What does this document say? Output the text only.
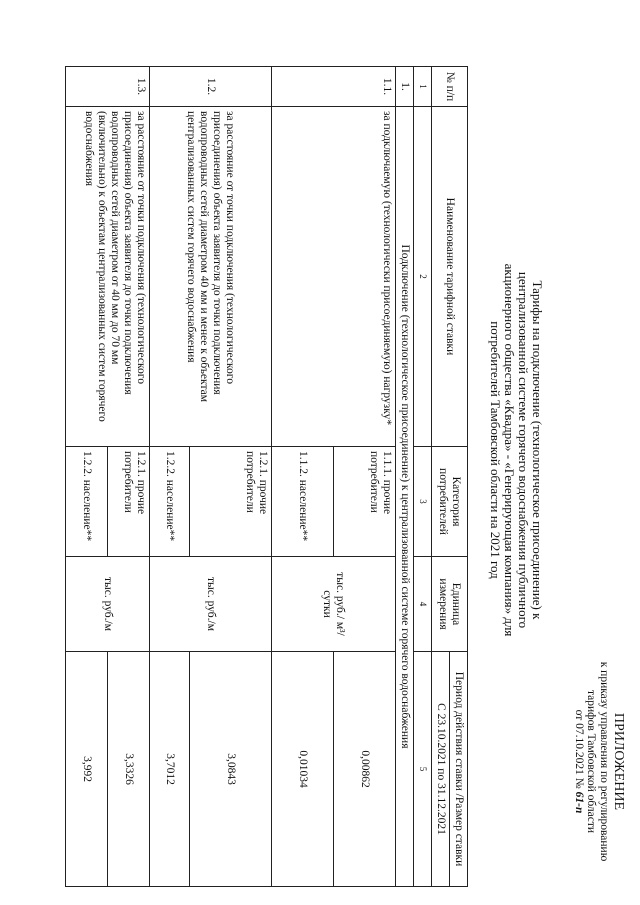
ПРИЛОЖЕНИЕ
к приказу управления по регулированию
тарифов Тамбовской области
от 07.10.2021 № 61-п
Тарифы на подключение (технологическое присоединение) к централизованной системе горячего водоснабжения публичного акционерного общества «Квадра» - «Генерирующая компания» для потребителей Тамбовской области на 2021 год
№ п/п	Наименование тарифной ставки	Категория потребителей	Единица измерения	Период действия ставки /Размер ставки
				С 23.10.2021 по 31.12.2021
1	2	3	4	5
1.	Подключение (технологическое присоединение) к централизованной системе горячего водоснабжения			
1.1.	за подключаемую (технологически присоединяемую) нагрузку*	1.1.1. прочие потребители	тыс. руб./ м³/сутки	0,00862
		1.1.2. население**		0,01034
1.2.	за расстояние от точки подключения (технологического присоединения) объекта заявителя до точки подключения водопроводных сетей диаметром 40 мм и менее к объектам централизованных систем горячего водоснабжения	1.2.1. прочие потребители	тыс. руб./м	3,0843
		1.2.2. население**		3,7012
1.3.	за расстояние от точки подключения (технологического присоединения) объекта заявителя до точки подключения водопроводных сетей диаметром от 40 мм до 70 мм (включительно) к объектам централизованных систем горячего водоснабжения	1.2.1. прочие потребители	тыс. руб./м	3,3326
		1.2.2. население**		3,992
